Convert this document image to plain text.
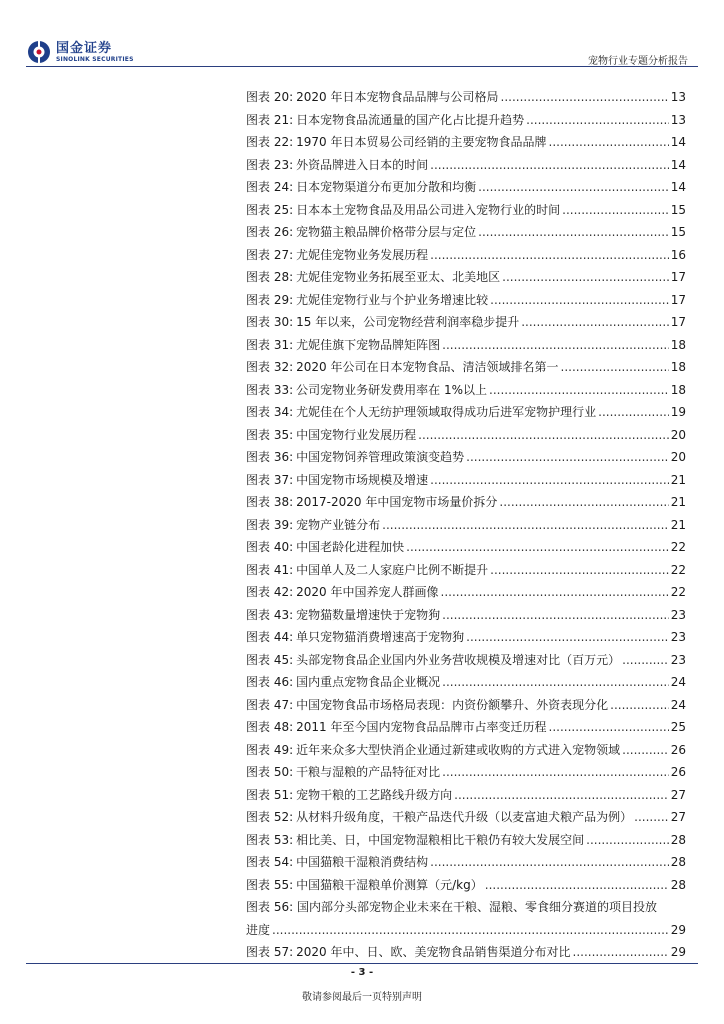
国金证券
SINOLINK SECURITIES	宠物行业专题分析报告
图表 20: 2020 年日本宠物食品品牌与公司格局 .....	13
图表 21: 日本宠物食品流通量的国产化占比提升趋势 .....	13
图表 22: 1970 年日本贸易公司经销的主要宠物食品品牌 .....	14
图表 23: 外资品牌进入日本的时间 .....	14
图表 24: 日本宠物渠道分布更加分散和均衡 .....	14
图表 25: 日本本土宠物食品及用品公司进入宠物行业的时间 .....	15
图表 26: 宠物猫主粮品牌价格带分层与定位 .....	15
图表 27: 尤妮佳宠物业务发展历程 .....	16
图表 28: 尤妮佳宠物业务拓展至亚太、北美地区 .....	17
图表 29: 尤妮佳宠物行业与个护业务增速比较 .....	17
图表 30: 15 年以来，公司宠物经营利润率稳步提升 .....	17
图表 31: 尤妮佳旗下宠物品牌矩阵图 .....	18
图表 32: 2020 年公司在日本宠物食品、清洁领域排名第一 .....	18
图表 33: 公司宠物业务研发费用率在 1%以上 .....	18
图表 34: 尤妮佳在个人无纺护理领域取得成功后进军宠物护理行业 .....	19
图表 35: 中国宠物行业发展历程 .....	20
图表 36: 中国宠物饲养管理政策演变趋势 .....	20
图表 37: 中国宠物市场规模及增速 .....	21
图表 38: 2017-2020 年中国宠物市场量价拆分 .....	21
图表 39: 宠物产业链分布 .....	21
图表 40: 中国老龄化进程加快 .....	22
图表 41: 中国单人及二人家庭户比例不断提升 .....	22
图表 42: 2020 年中国养宠人群画像 .....	22
图表 43: 宠物猫数量增速快于宠物狗 .....	23
图表 44: 单只宠物猫消费增速高于宠物狗 .....	23
图表 45: 头部宠物食品企业国内外业务营收规模及增速对比（百万元） .....	23
图表 46: 国内重点宠物食品企业概况 .....	24
图表 47: 中国宠物食品市场格局表现：内资份额攀升、外资表现分化 .....	24
图表 48: 2011 年至今国内宠物食品品牌市占率变迁历程 .....	25
图表 49: 近年来众多大型快消企业通过新建或收购的方式进入宠物领域 .....	26
图表 50: 干粮与湿粮的产品特征对比 .....	26
图表 51: 宠物干粮的工艺路线升级方向 .....	27
图表 52: 从材料升级角度，干粮产品迭代升级（以麦富迪犬粮产品为例） .....	27
图表 53: 相比美、日，中国宠物湿粮相比干粮仍有较大发展空间 .....	28
图表 54: 中国猫粮干湿粮消费结构 .....	28
图表 55: 中国猫粮干湿粮单价测算（元/kg） .....	28
图表 56: 国内部分头部宠物企业未来在干粮、湿粮、零食细分赛道的项目投放
进度 .....	29
图表 57: 2020 年中、日、欧、美宠物食品销售渠道分布对比 .....	29
- 3 -
敬请参阅最后一页特别声明
